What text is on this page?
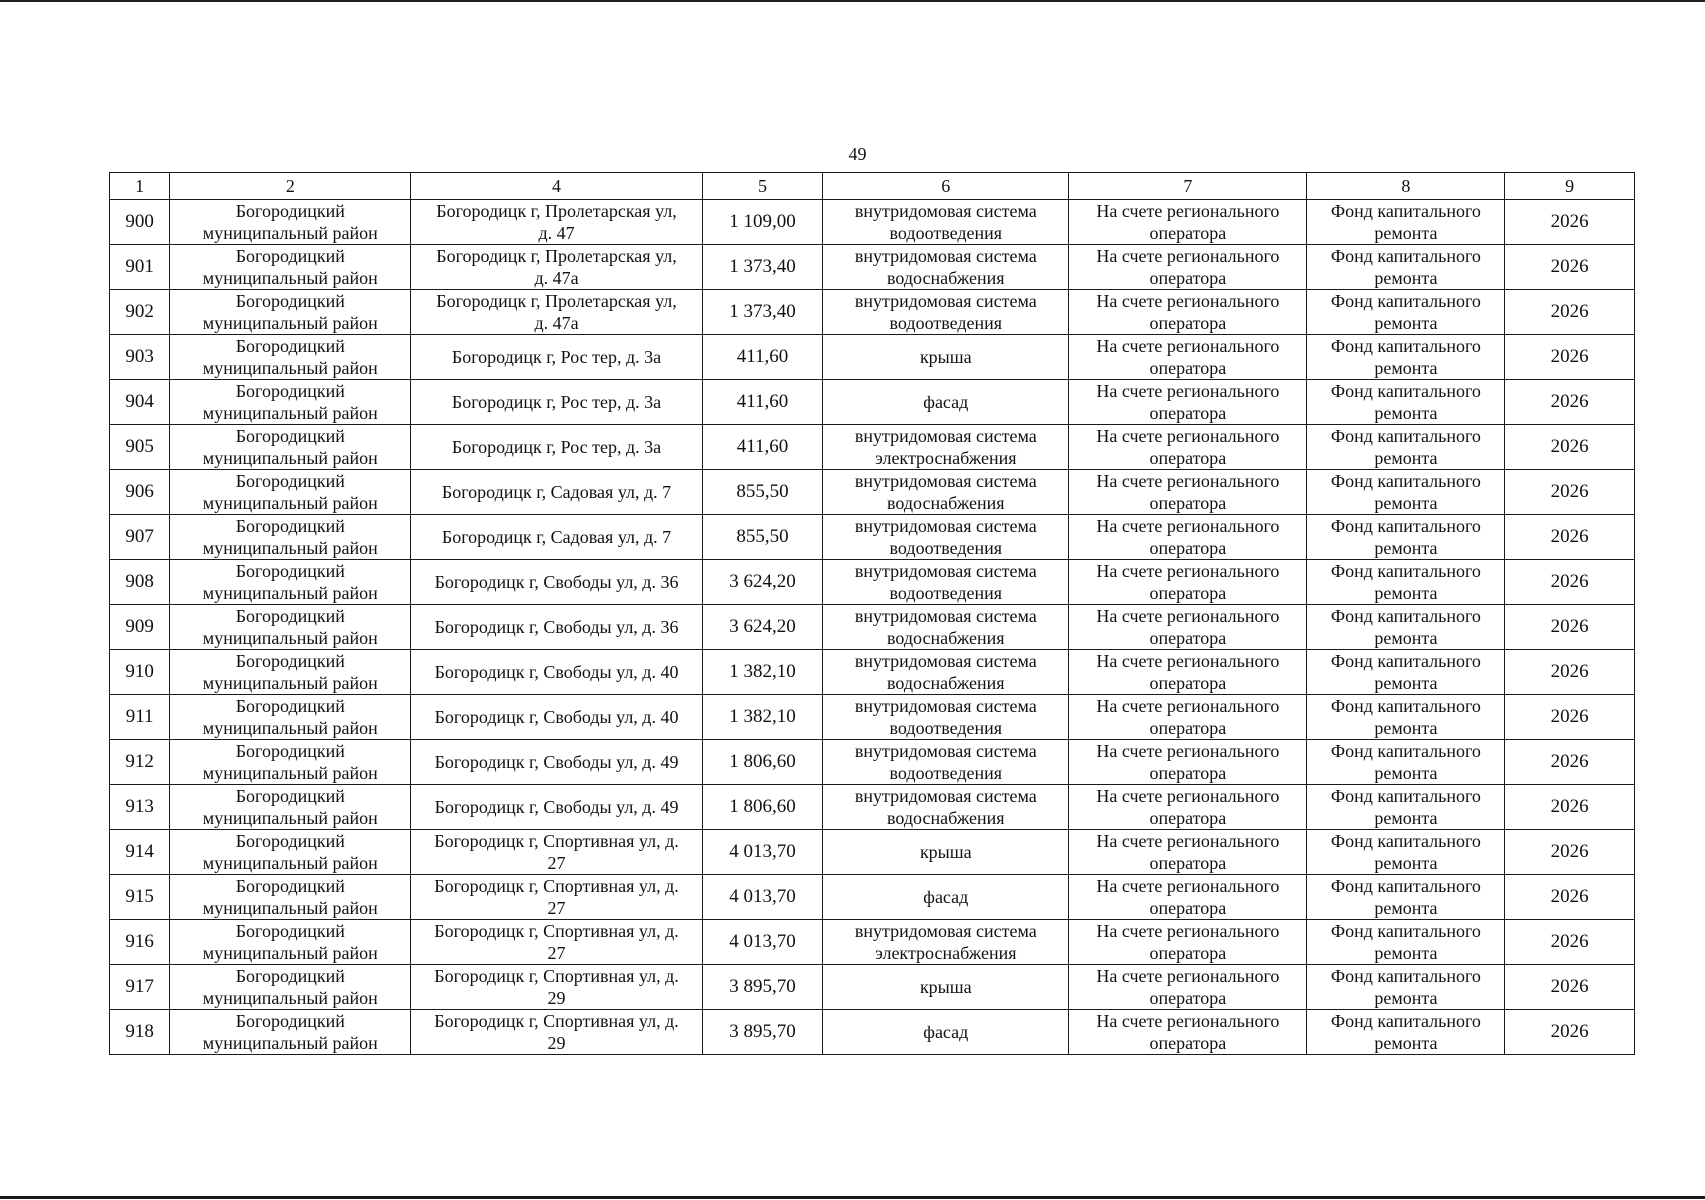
49
1	2	4	5	6	7	8	9

900	Богородицкий
муниципальный район	Богородицк г, Пролетарская ул,
д. 47	1 109,00	внутридомовая система
водоотведения	На счете регионального
оператора	Фонд капитального
ремонта	2026

901	Богородицкий
муниципальный район	Богородицк г, Пролетарская ул,
д. 47а	1 373,40	внутридомовая система
водоснабжения	На счете регионального
оператора	Фонд капитального
ремонта	2026

902	Богородицкий
муниципальный район	Богородицк г, Пролетарская ул,
д. 47а	1 373,40	внутридомовая система
водоотведения	На счете регионального
оператора	Фонд капитального
ремонта	2026

903	Богородицкий
муниципальный район	Богородицк г, Рос тер, д. 3а	411,60	крыша	На счете регионального
оператора	Фонд капитального
ремонта	2026

904	Богородицкий
муниципальный район	Богородицк г, Рос тер, д. 3а	411,60	фасад	На счете регионального
оператора	Фонд капитального
ремонта	2026

905	Богородицкий
муниципальный район	Богородицк г, Рос тер, д. 3а	411,60	внутридомовая система
электроснабжения	На счете регионального
оператора	Фонд капитального
ремонта	2026

906	Богородицкий
муниципальный район	Богородицк г, Садовая ул, д. 7	855,50	внутридомовая система
водоснабжения	На счете регионального
оператора	Фонд капитального
ремонта	2026

907	Богородицкий
муниципальный район	Богородицк г, Садовая ул, д. 7	855,50	внутридомовая система
водоотведения	На счете регионального
оператора	Фонд капитального
ремонта	2026

908	Богородицкий
муниципальный район	Богородицк г, Свободы ул, д. 36	3 624,20	внутридомовая система
водоотведения	На счете регионального
оператора	Фонд капитального
ремонта	2026

909	Богородицкий
муниципальный район	Богородицк г, Свободы ул, д. 36	3 624,20	внутридомовая система
водоснабжения	На счете регионального
оператора	Фонд капитального
ремонта	2026

910	Богородицкий
муниципальный район	Богородицк г, Свободы ул, д. 40	1 382,10	внутридомовая система
водоснабжения	На счете регионального
оператора	Фонд капитального
ремонта	2026

911	Богородицкий
муниципальный район	Богородицк г, Свободы ул, д. 40	1 382,10	внутридомовая система
водоотведения	На счете регионального
оператора	Фонд капитального
ремонта	2026

912	Богородицкий
муниципальный район	Богородицк г, Свободы ул, д. 49	1 806,60	внутридомовая система
водоотведения	На счете регионального
оператора	Фонд капитального
ремонта	2026

913	Богородицкий
муниципальный район	Богородицк г, Свободы ул, д. 49	1 806,60	внутридомовая система
водоснабжения	На счете регионального
оператора	Фонд капитального
ремонта	2026

914	Богородицкий
муниципальный район	Богородицк г, Спортивная ул, д.
27	4 013,70	крыша	На счете регионального
оператора	Фонд капитального
ремонта	2026

915	Богородицкий
муниципальный район	Богородицк г, Спортивная ул, д.
27	4 013,70	фасад	На счете регионального
оператора	Фонд капитального
ремонта	2026

916	Богородицкий
муниципальный район	Богородицк г, Спортивная ул, д.
27	4 013,70	внутридомовая система
электроснабжения	На счете регионального
оператора	Фонд капитального
ремонта	2026

917	Богородицкий
муниципальный район	Богородицк г, Спортивная ул, д.
29	3 895,70	крыша	На счете регионального
оператора	Фонд капитального
ремонта	2026

918	Богородицкий
муниципальный район	Богородицк г, Спортивная ул, д.
29	3 895,70	фасад	На счете регионального
оператора	Фонд капитального
ремонта	2026
